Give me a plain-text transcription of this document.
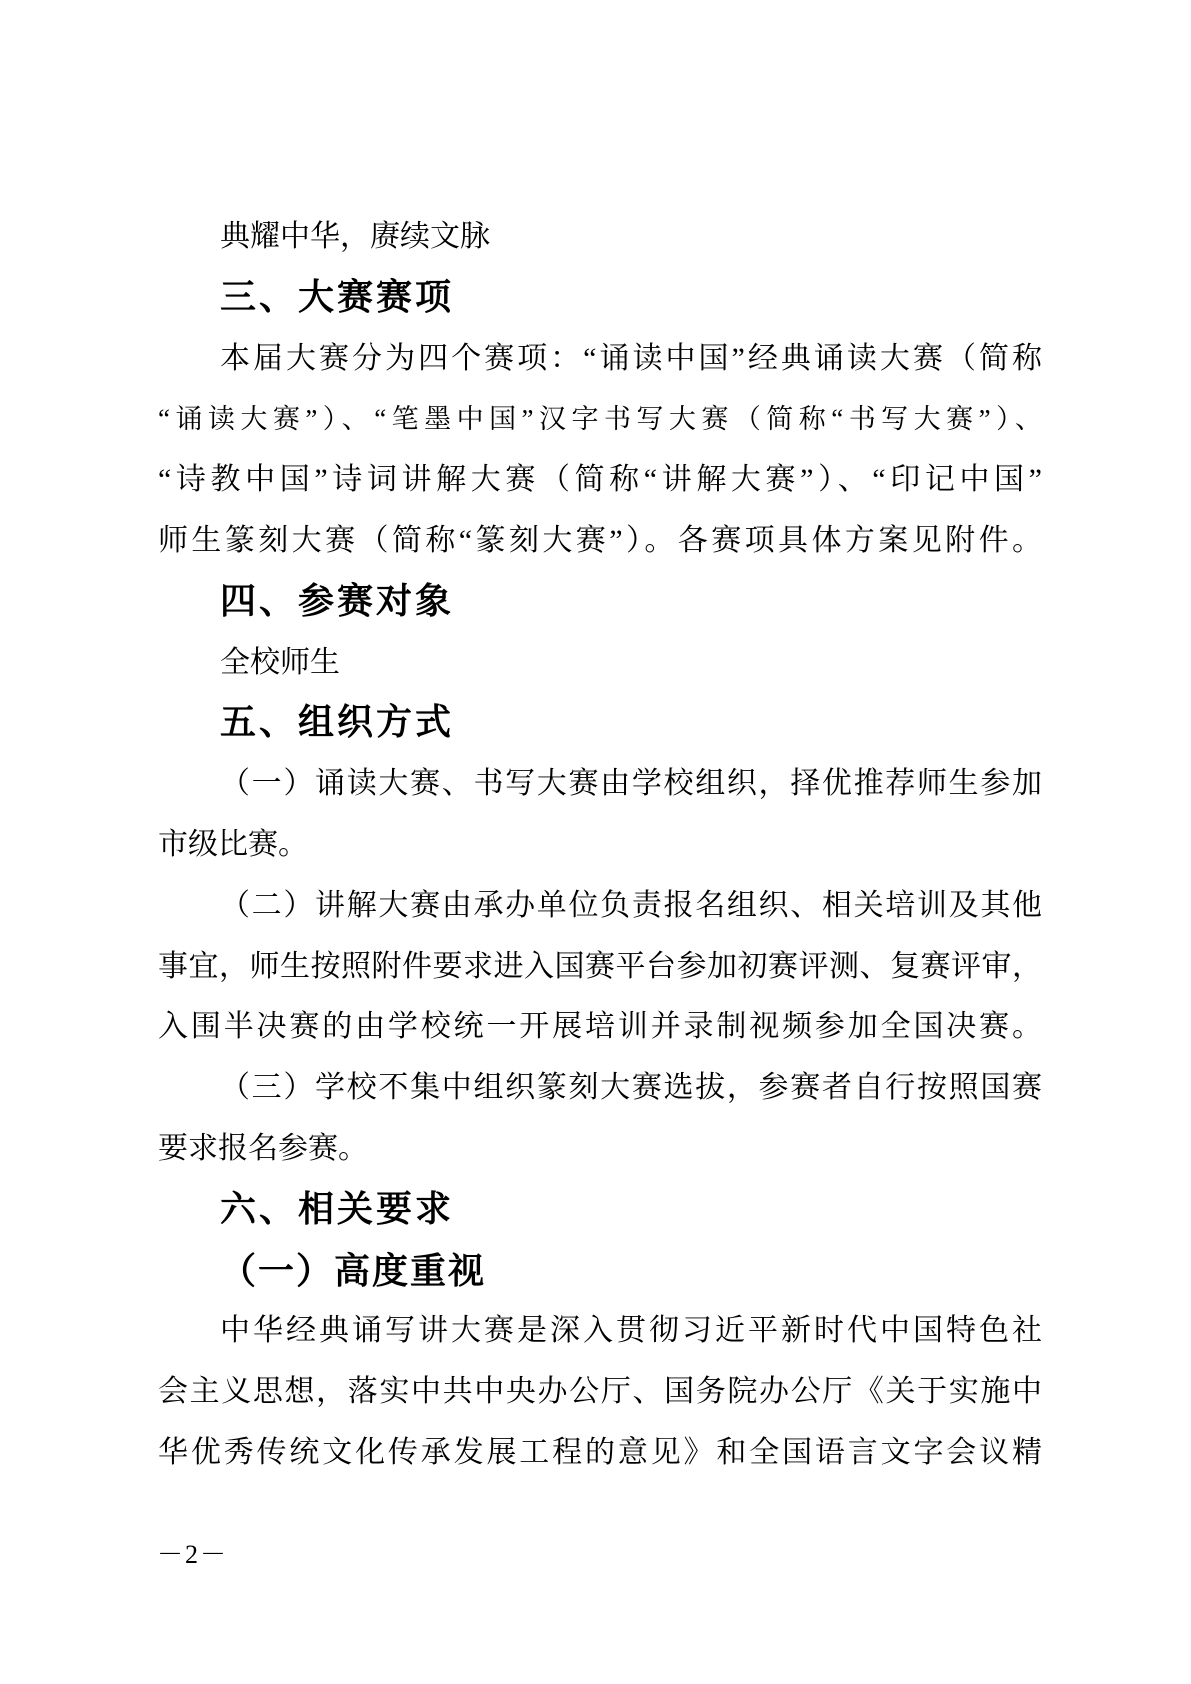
典耀中华，赓续文脉
三、大赛赛项
本届大赛分为四个赛项：“诵读中国”经典诵读大赛（简称
“诵读大赛”）、“笔墨中国”汉字书写大赛（简称“书写大赛”）、
“诗教中国”诗词讲解大赛（简称“讲解大赛”）、“印记中国”
师生篆刻大赛（简称“篆刻大赛”）。各赛项具体方案见附件。
四、参赛对象
全校师生
五、组织方式
（一）诵读大赛、书写大赛由学校组织，择优推荐师生参加
市级比赛。
（二）讲解大赛由承办单位负责报名组织、相关培训及其他
事宜，师生按照附件要求进入国赛平台参加初赛评测、复赛评审，
入围半决赛的由学校统一开展培训并录制视频参加全国决赛。
（三）学校不集中组织篆刻大赛选拔，参赛者自行按照国赛
要求报名参赛。
六、相关要求
（一）高度重视
中华经典诵写讲大赛是深入贯彻习近平新时代中国特色社
会主义思想，落实中共中央办公厅、国务院办公厅《关于实施中
华优秀传统文化传承发展工程的意见》和全国语言文字会议精
－2－
